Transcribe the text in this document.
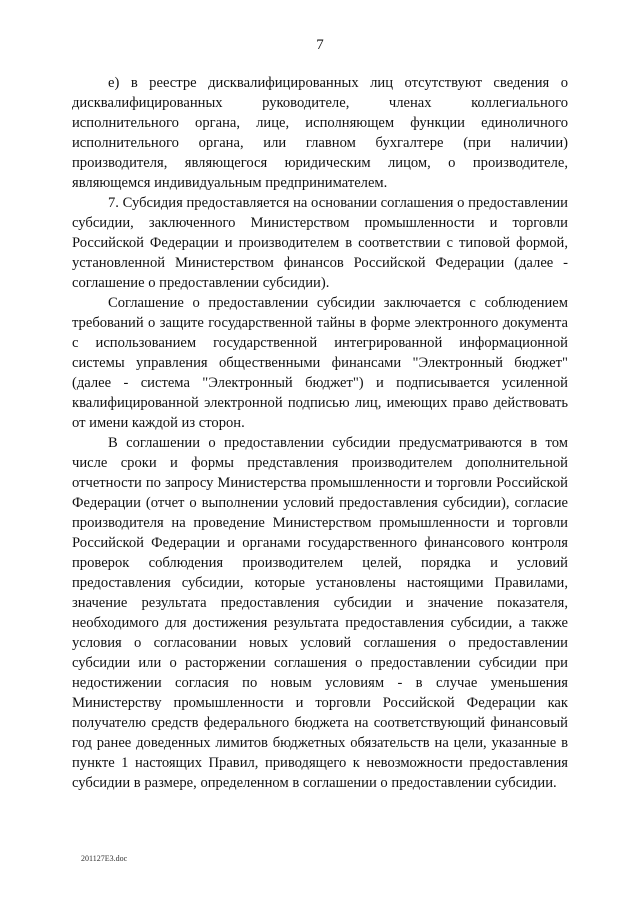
7

е) в реестре дисквалифицированных лиц отсутствуют сведения о дисквалифицированных руководителе, членах коллегиального исполнительного органа, лице, исполняющем функции единоличного исполнительного органа, или главном бухгалтере (при наличии) производителя, являющегося юридическим лицом, о производителе, являющемся индивидуальным предпринимателем.

7. Субсидия предоставляется на основании соглашения о предоставлении субсидии, заключенного Министерством промышленности и торговли Российской Федерации и производителем в соответствии с типовой формой, установленной Министерством финансов Российской Федерации (далее - соглашение о предоставлении субсидии).

Соглашение о предоставлении субсидии заключается с соблюдением требований о защите государственной тайны в форме электронного документа с использованием государственной интегрированной информационной системы управления общественными финансами "Электронный бюджет" (далее - система "Электронный бюджет") и подписывается усиленной квалифицированной электронной подписью лиц, имеющих право действовать от имени каждой из сторон.

В соглашении о предоставлении субсидии предусматриваются в том числе сроки и формы представления производителем дополнительной отчетности по запросу Министерства промышленности и торговли Российской Федерации (отчет о выполнении условий предоставления субсидии), согласие производителя на проведение Министерством промышленности и торговли Российской Федерации и органами государственного финансового контроля проверок соблюдения производителем целей, порядка и условий предоставления субсидии, которые установлены настоящими Правилами, значение результата предоставления субсидии и значение показателя, необходимого для достижения результата предоставления субсидии, а также условия о согласовании новых условий соглашения о предоставлении субсидии или о расторжении соглашения о предоставлении субсидии при недостижении согласия по новым условиям - в случае уменьшения Министерству промышленности и торговли Российской Федерации как получателю средств федерального бюджета на соответствующий финансовый год ранее доведенных лимитов бюджетных обязательств на цели, указанные в пункте 1 настоящих Правил, приводящего к невозможности предоставления субсидии в размере, определенном в соглашении о предоставлении субсидии.

201127E3.doc
